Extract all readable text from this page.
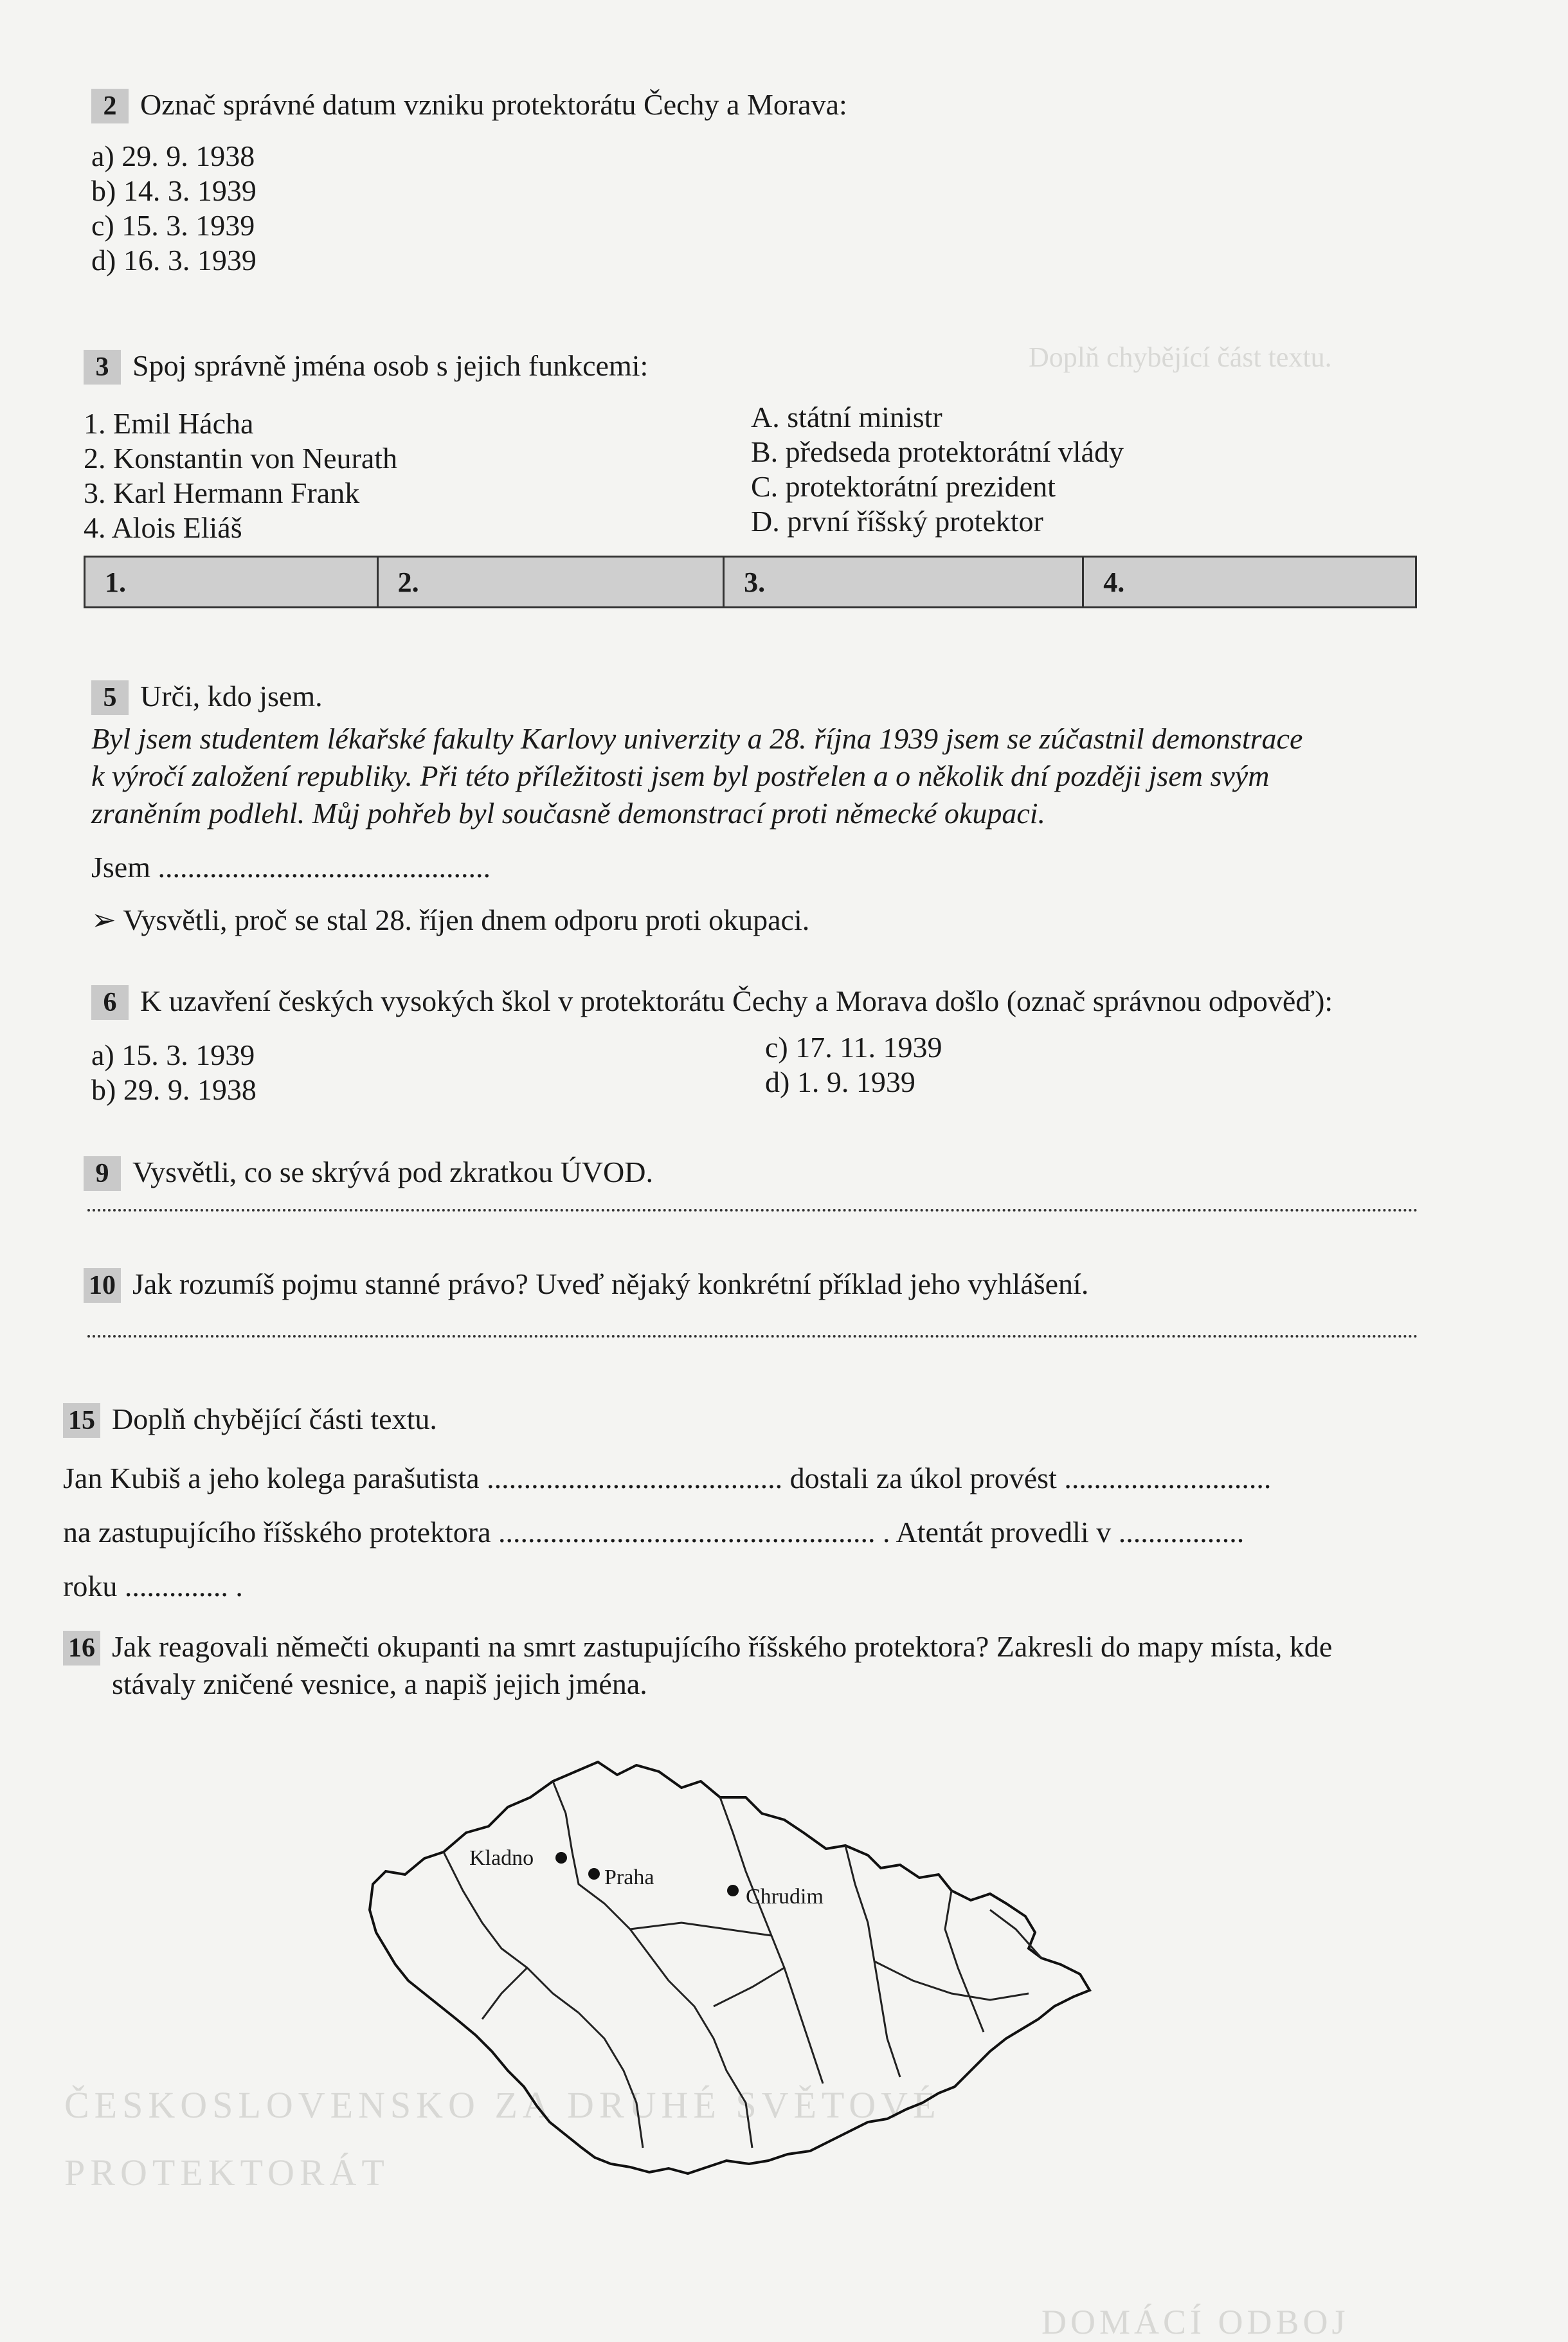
Doplň chybějící část textu.
DOMÁCÍ ODBOJ
ČESKOSLOVENSKO ZA DRUHÉ SVĚTOVÉ
PROTEKTORÁT
2 Označ správné datum vzniku protektorátu Čechy a Morava:
a) 29. 9. 1938
b) 14. 3. 1939
c) 15. 3. 1939
d) 16. 3. 1939
3 Spoj správně jména osob s jejich funkcemi:
1. Emil Hácha
2. Konstantin von Neurath
3. Karl Hermann Frank
4. Alois Eliáš
A. státní ministr
B. předseda protektorátní vlády
C. protektorátní prezident
D. první říšský protektor
1.	2.	3.	4.
5 Urči, kdo jsem.
Byl jsem studentem lékařské fakulty Karlovy univerzity a 28. října 1939 jsem se zúčastnil demonstrace
k výročí založení republiky. Při této příležitosti jsem byl postřelen a o několik dní později jsem svým
zraněním podlehl. Můj pohřeb byl současně demonstrací proti německé okupaci.
Jsem .............................................
➢ Vysvětli, proč se stal 28. říjen dnem odporu proti okupaci.
6 K uzavření českých vysokých škol v protektorátu Čechy a Morava došlo (označ správnou odpověď):
a) 15. 3. 1939
b) 29. 9. 1938
c) 17. 11. 1939
d) 1. 9. 1939
9 Vysvětli, co se skrývá pod zkratkou ÚVOD.
10 Jak rozumíš pojmu stanné právo? Uveď nějaký konkrétní příklad jeho vyhlášení.
15 Doplň chybějící části textu.
Jan Kubiš a jeho kolega parašutista ........................................ dostali za úkol provést ............................
na zastupujícího říšského protektora ................................................... . Atentát provedli v .................
roku .............. .
16 Jak reagovali němečti okupanti na smrt zastupujícího říšského protektora? Zakresli do mapy místa, kde
stávaly zničené vesnice, a napiš jejich jména.
Kladno
Praha
Chrudim
